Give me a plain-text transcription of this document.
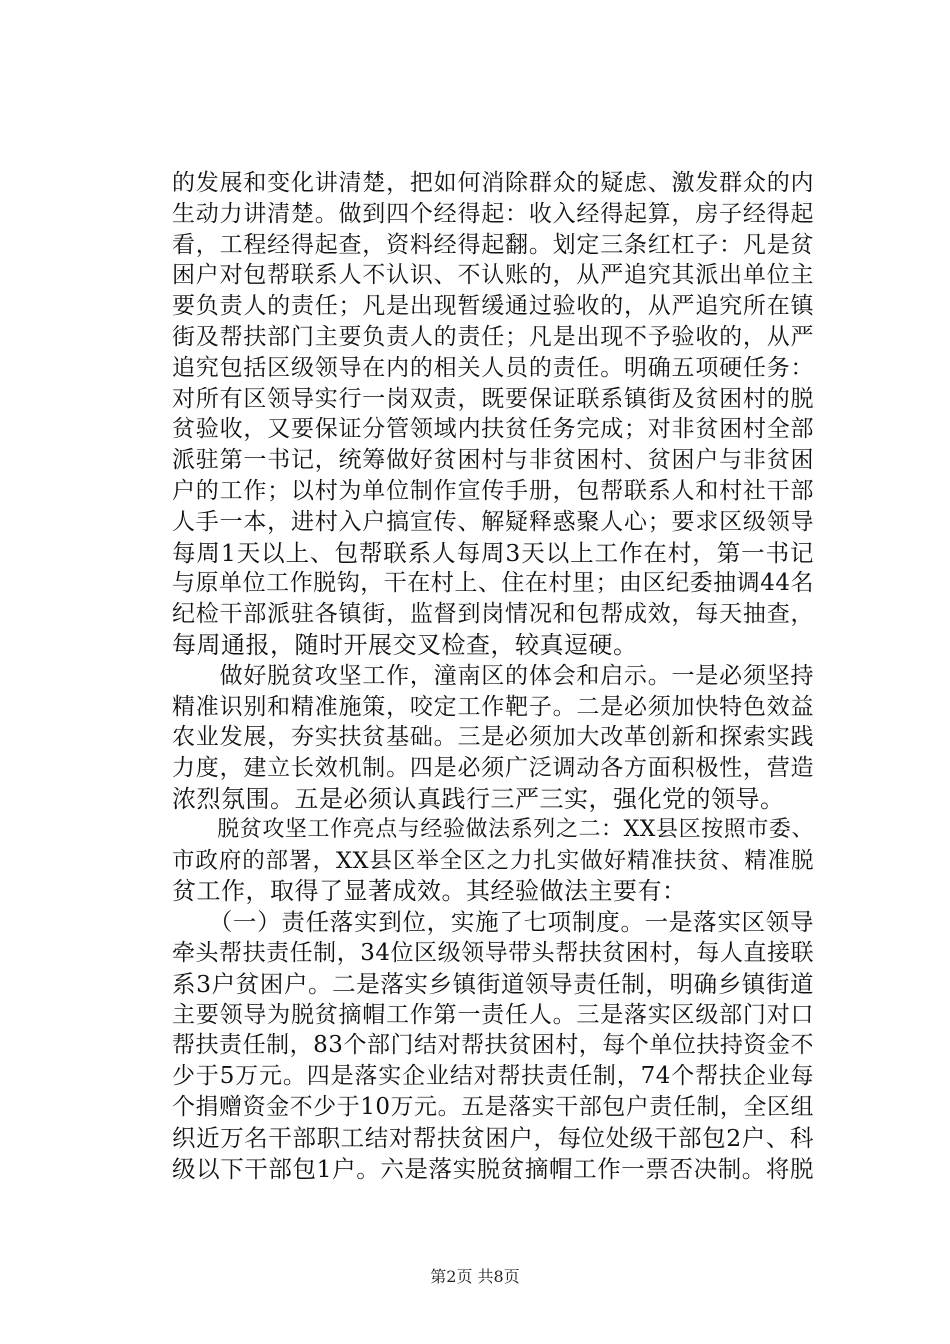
的发展和变化讲清楚，把如何消除群众的疑虑、激发群众的内
生动力讲清楚。做到四个经得起：收入经得起算，房子经得起
看，工程经得起查，资料经得起翻。划定三条红杠子：凡是贫
困户对包帮联系人不认识、不认账的，从严追究其派出单位主
要负责人的责任；凡是出现暂缓通过验收的，从严追究所在镇
街及帮扶部门主要负责人的责任；凡是出现不予验收的，从严
追究包括区级领导在内的相关人员的责任。明确五项硬任务：
对所有区领导实行一岗双责，既要保证联系镇街及贫困村的脱
贫验收，又要保证分管领域内扶贫任务完成；对非贫困村全部
派驻第一书记，统筹做好贫困村与非贫困村、贫困户与非贫困
户的工作；以村为单位制作宣传手册，包帮联系人和村社干部
人手一本，进村入户搞宣传、解疑释惑聚人心；要求区级领导
每周1天以上、包帮联系人每周3天以上工作在村，第一书记
与原单位工作脱钩，干在村上、住在村里；由区纪委抽调44名
纪检干部派驻各镇街，监督到岗情况和包帮成效，每天抽查，
每周通报，随时开展交叉检查，较真逗硬。
　　做好脱贫攻坚工作，潼南区的体会和启示。一是必须坚持
精准识别和精准施策，咬定工作靶子。二是必须加快特色效益
农业发展，夯实扶贫基础。三是必须加大改革创新和探索实践
力度，建立长效机制。四是必须广泛调动各方面积极性，营造
浓烈氛围。五是必须认真践行三严三实，强化党的领导。
　　脱贫攻坚工作亮点与经验做法系列之二：XX县区按照市委、
市政府的部署，XX县区举全区之力扎实做好精准扶贫、精准脱
贫工作，取得了显著成效。其经验做法主要有：
　　（一）责任落实到位，实施了七项制度。一是落实区领导
牵头帮扶责任制，34位区级领导带头帮扶贫困村，每人直接联
系3户贫困户。二是落实乡镇街道领导责任制，明确乡镇街道
主要领导为脱贫摘帽工作第一责任人。三是落实区级部门对口
帮扶责任制，83个部门结对帮扶贫困村，每个单位扶持资金不
少于5万元。四是落实企业结对帮扶责任制，74个帮扶企业每
个捐赠资金不少于10万元。五是落实干部包户责任制，全区组
织近万名干部职工结对帮扶贫困户，每位处级干部包2户、科
级以下干部包1户。六是落实脱贫摘帽工作一票否决制。将脱
第2页 共8页
